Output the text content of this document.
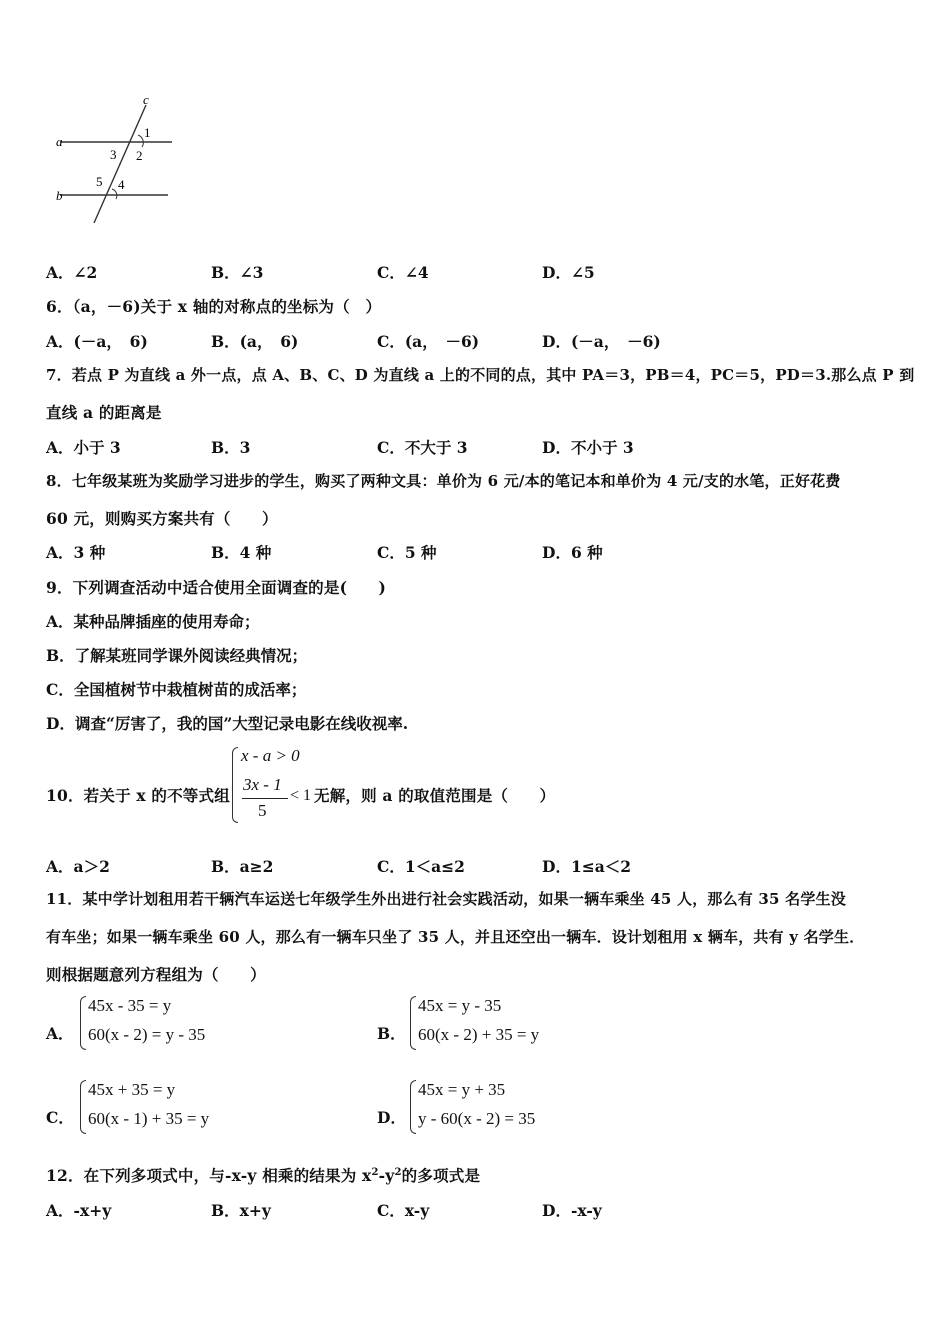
c
a
b
1
2
3
4
5
A．∠2	B．∠3	C．∠4	D．∠5
6．（a，－6)关于 x 轴的对称点的坐标为（　）
A．(－a，　6)	B．(a，　6)	C．(a，　－6)	D．(－a，　－6)
7．若点 P 为直线 a 外一点，点 A、B、C、D 为直线 a 上的不同的点，其中 PA＝3，PB＝4，PC＝5，PD＝3.那么点 P 到
直线 a 的距离是
A．小于 3	B．3	C．不大于 3	D．不小于 3
8．七年级某班为奖励学习进步的学生，购买了两种文具：单价为 6 元/本的笔记本和单价为 4 元/支的水笔，正好花费
60 元，则购买方案共有（　　）
A．3 种	B．4 种	C．5 种	D．6 种
9．下列调查活动中适合使用全面调查的是(　　)
A．某种品牌插座的使用寿命；
B．了解某班同学课外阅读经典情况；
C．全国植树节中栽植树苗的成活率；
D．调查“厉害了，我的国”大型记录电影在线收视率.
10．若关于 x 的不等式组
x - a > 0
3x - 1
5
< 1 无解，则 a 的取值范围是（　　）
A．a＞2	B．a≥2	C．1＜a≤2	D．1≤a＜2
11．某中学计划租用若干辆汽车运送七年级学生外出进行社会实践活动，如果一辆车乘坐 45 人，那么有 35 名学生没
有车坐；如果一辆车乘坐 60 人，那么有一辆车只坐了 35 人，并且还空出一辆车．设计划租用 x 辆车，共有 y 名学生．
则根据题意列方程组为（　　）
A．
45x - 35 = y
60(x - 2) = y - 35	B．
45x = y - 35
60(x - 2) + 35 = y
C．
45x + 35 = y
60(x - 1) + 35 = y	D．
45x = y + 35
y - 60(x - 2) = 35
12．在下列多项式中，与-x-y 相乘的结果为 $x^2-y^2$的多项式是
A．-x+y	B．x+y	C．x-y	D．-x-y
